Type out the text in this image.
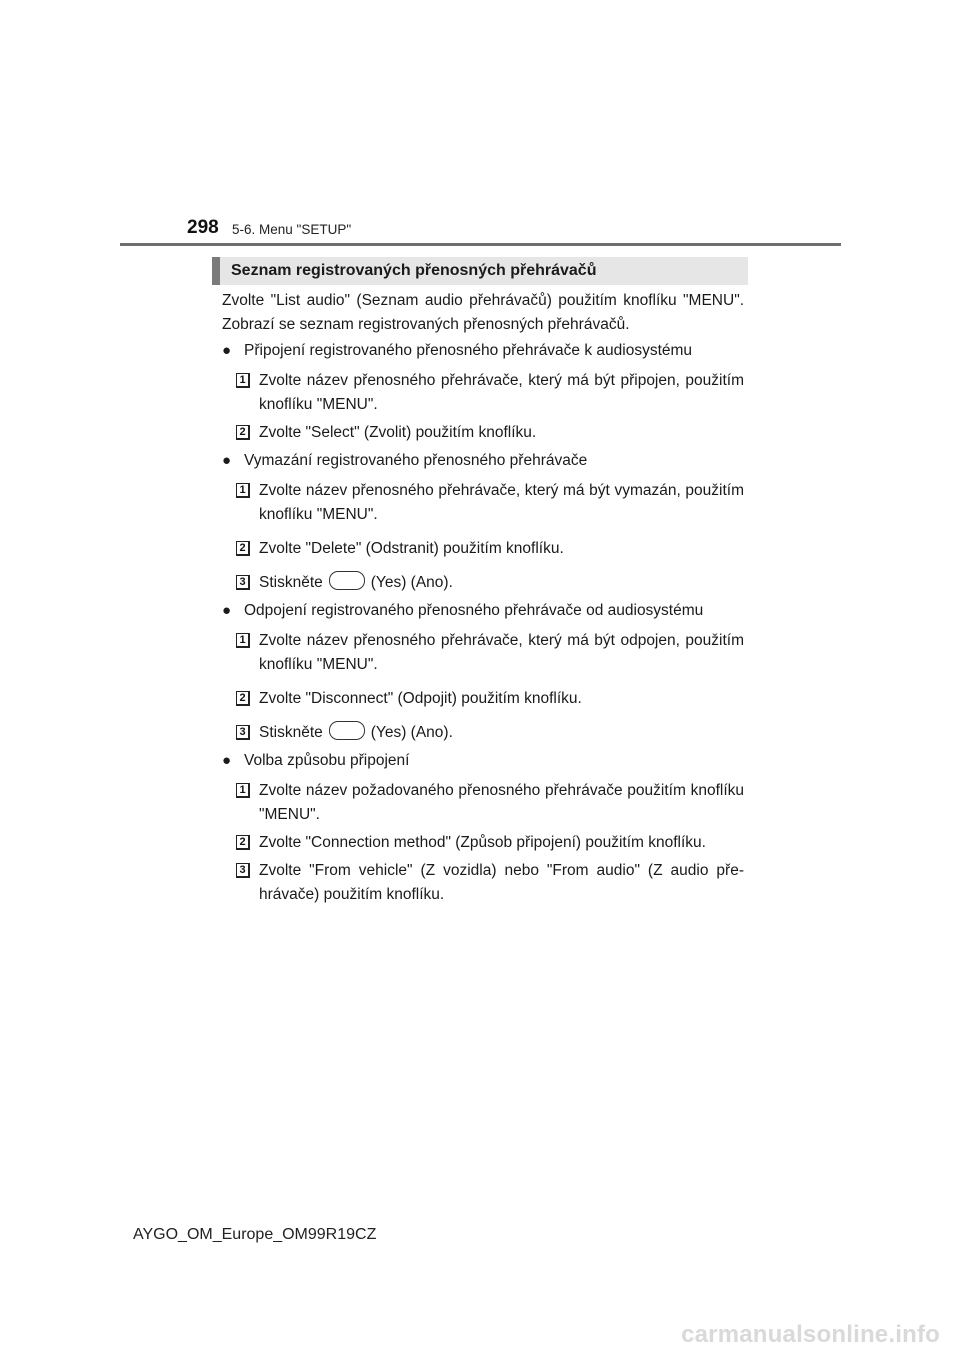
298 5-6. Menu "SETUP"
Seznam registrovaných přenosných přehrávačů

Zvolte "List audio" (Seznam audio přehrávačů) použitím knoflíku "MENU". Zobrazí se seznam registrovaných přenosných přehrávačů.

● Připojení registrovaného přenosného přehrávače k audiosystému
1 Zvolte název přenosného přehrávače, který má být připojen, použitím knoflíku "MENU".
2 Zvolte "Select" (Zvolit) použitím knoflíku.
● Vymazání registrovaného přenosného přehrávače
1 Zvolte název přenosného přehrávače, který má být vymazán, použitím knoflíku "MENU".
2 Zvolte "Delete" (Odstranit) použitím knoflíku.
3 Stiskněte	(Yes) (Ano).
● Odpojení registrovaného přenosného přehrávače od audiosystému
1 Zvolte název přenosného přehrávače, který má být odpojen, použitím knoflíku "MENU".
2 Zvolte "Disconnect" (Odpojit) použitím knoflíku.
3 Stiskněte	(Yes) (Ano).
● Volba způsobu připojení
1 Zvolte název požadovaného přenosného přehrávače použitím knoflíku "MENU".
2 Zvolte "Connection method" (Způsob připojení) použitím knoflíku.
3 Zvolte "From vehicle" (Z vozidla) nebo "From audio" (Z audio přehrávače) použitím knoflíku.
AYGO_OM_Europe_OM99R19CZ
carmanualsonline.info
